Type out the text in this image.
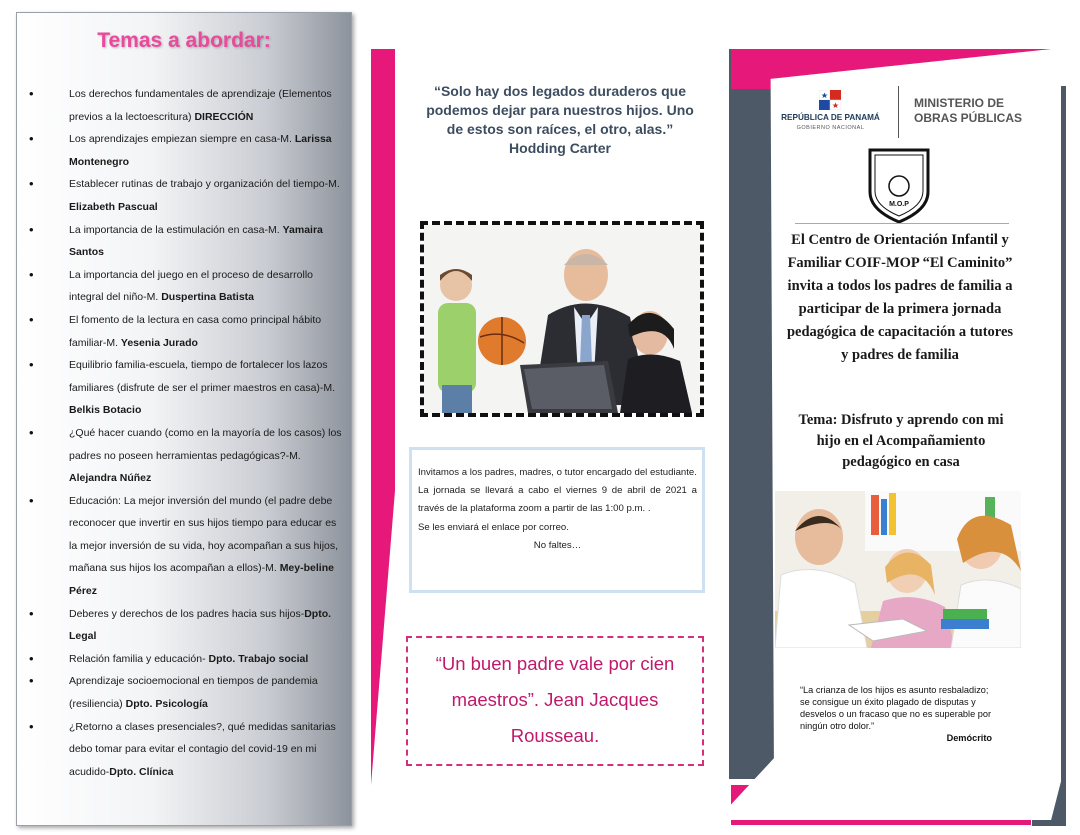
Temas a abordar:
• Los derechos fundamentales de aprendizaje (Elementos previos a la lectoescritura) DIRECCIÓN
• Los aprendizajes empiezan siempre en casa-M. Larissa Montenegro
• Establecer rutinas de trabajo y organización del tiempo-M. Elizabeth Pascual
• La importancia de la estimulación en casa-M. Yamaira Santos
• La importancia del juego en el proceso de desarrollo integral del niño-M. Duspertina Batista
• El fomento de la lectura en casa como principal hábito familiar-M. Yesenia Jurado
• Equilibrio familia-escuela, tiempo de fortalecer los lazos familiares (disfrute de ser el primer maestros en casa)-M. Belkis Botacio
• ¿Qué hacer cuando (como en la mayoría de los casos) los padres no poseen herramientas pedagógicas?-M. Alejandra Núñez
• Educación: La mejor inversión del mundo (el padre debe reconocer que invertir en sus hijos tiempo para educar es la mejor inversión de su vida, hoy acompañan a sus hijos, mañana sus hijos los acompañan a ellos)-M. Mey-beline Pérez
• Deberes y derechos de los padres hacia sus hijos-Dpto. Legal
• Relación familia y educación- Dpto. Trabajo social
• Aprendizaje socioemocional en tiempos de pandemia (resiliencia) Dpto. Psicología
• ¿Retorno a clases presenciales?, qué medidas sanitarias debo tomar para evitar el contagio del covid-19 en mi acudido-Dpto. Clínica
“Solo hay dos legados duraderos que podemos dejar para nuestros hijos. Uno de estos son raíces, el otro, alas.”
Hodding Carter

Invitamos a los padres, madres, o tutor encargado del estudiante.

La jornada se llevará a cabo el viernes 9 de abril de 2021 a través de la plataforma zoom a partir de las 1:00 p.m. .

Se les enviará el enlace por correo.

No faltes…

“Un buen padre vale por cien maestros”. Jean Jacques Rousseau.
REPÚBLICA DE PANAMÁ
GOBIERNO NACIONAL
MINISTERIO DE OBRAS PÚBLICAS
M.O.P
El Centro de Orientación Infantil y Familiar COIF-MOP “El Caminito” invita a todos los padres de familia a participar de la primera jornada pedagógica de capacitación a tutores y padres de familia
Tema: Disfruto y aprendo con mi hijo en el Acompañamiento pedagógico en casa
“La crianza de los hijos es asunto resbaladizo; se consigue un éxito plagado de disputas y desvelos o un fracaso que no es superable por ningún otro dolor.”
Demócrito
